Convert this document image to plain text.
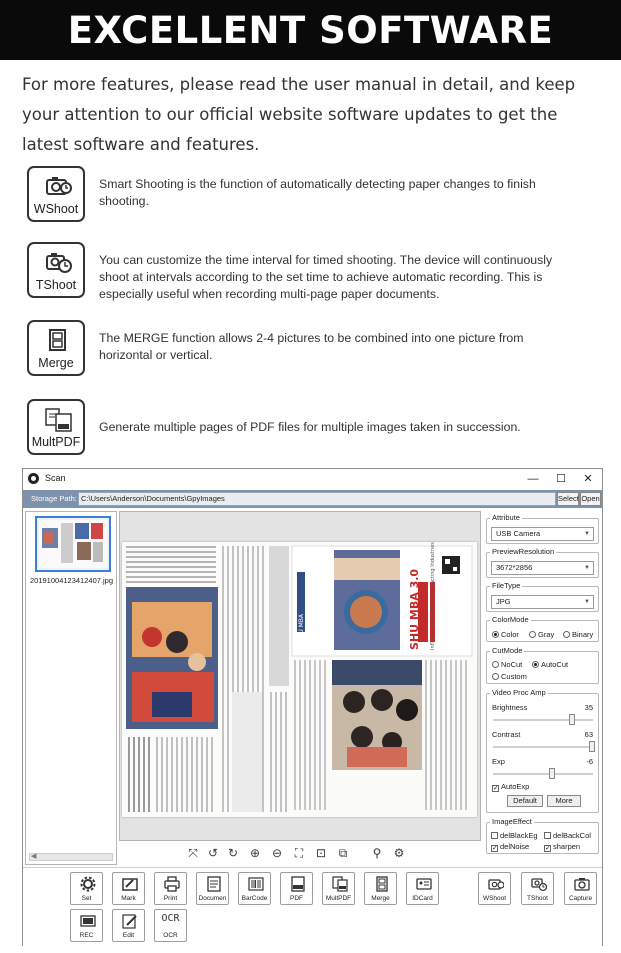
EXCELLENT SOFTWARE

For more features, please read the user manual in detail, and keep your attention to our official website software updates to get the latest software and features.

WShoot

Smart Shooting is the function of automatically detecting paper changes to finish shooting.

TShoot

You can customize the time interval for timed shooting. The device will continuously shoot at intervals according to the set time to achieve automatic recording. This is especially useful when recording multi-page paper documents.

Merge

The MERGE function allows 2-4 pictures to be combined into one picture from horizontal or vertical.

MultPDF

Generate multiple pages of PDF files for multiple images taken in succession.

Scan	—	☐	✕
Storage Path: C:\Users\Anderson\Documents\GpyImages	Select Open
20191004123412407.jpg
◀
SHU MBA 3.0 Influencing the World, Impacting Industries
SHU MBA
⤧ ↺ ↻ ⊕ ⊖	⛶	⊡	⧉	⚲	⚙
Attribute
USB Camera	▼
PreviewResolution
3672*2856	▼
FileType
JPG	▼
ColorMode
Color	Gray	Binary
CutMode
NoCut	AutoCut
Custom
Video Proc Amp
Brightness	35
Contrast	63
Exp	-6
✓ AutoExp
Default	More
ImageEffect
delBlackEg	delBackCol
✓ delNoise ✓ sharpen
Set	Mark	Print	Documen	BarCode	PDF	MultPDF	Merge	IDCard	WShoot	TShoot	Capture
REC	Edit
OCR
OCR
